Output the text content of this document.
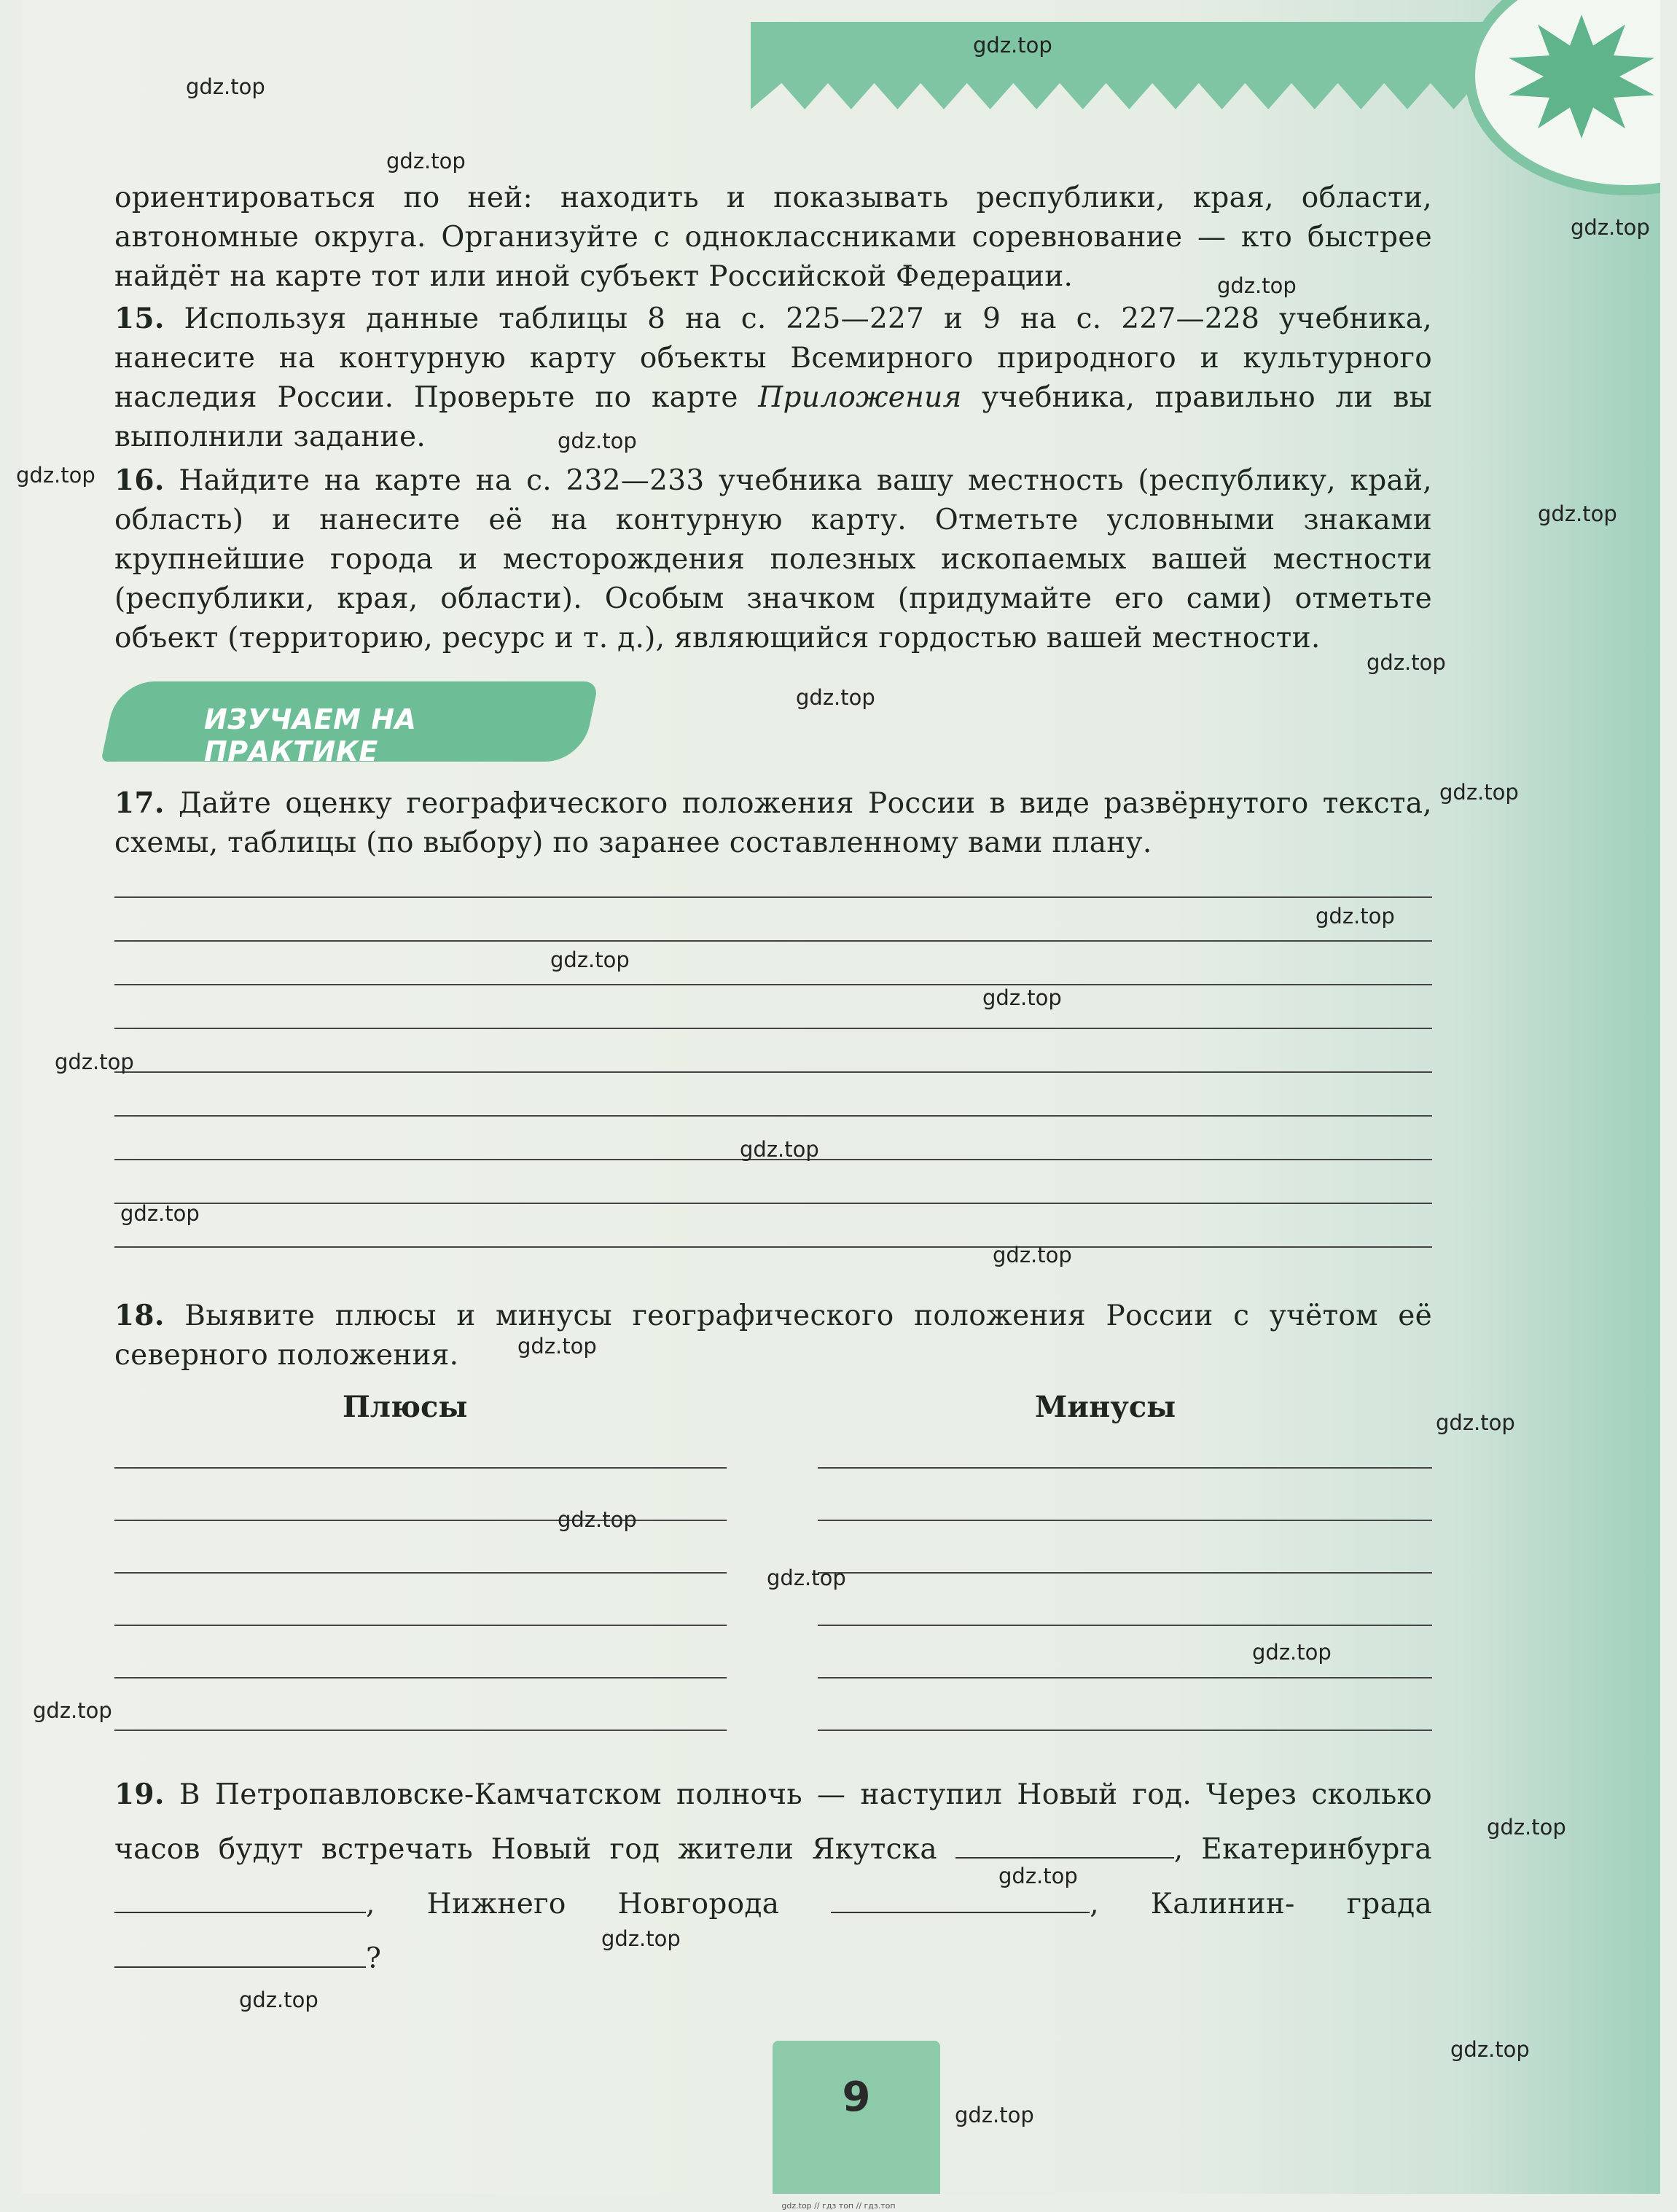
ориентироваться по ней: находить и показывать республики, края, области, автономные округа. Организуйте с одноклассниками соревнование — кто быстрее найдёт на карте тот или иной субъект Российской Федерации.
15. Используя данные таблицы 8 на с. 225—227 и 9 на с. 227—228 учебника, нанесите на контурную карту объекты Всемирного природного и культурного наследия России. Проверьте по карте Приложения учебника, правильно ли вы выполнили задание.
16. Найдите на карте на с. 232—233 учебника вашу местность (республику, край, область) и нанесите её на контурную карту. Отметьте условными знаками крупнейшие города и месторождения полезных ископаемых вашей местности (республики, края, области). Особым значком (придумайте его сами) отметьте объект (территорию, ресурс и т. д.), являющийся гордостью вашей местности.
ИЗУЧАЕМ НА ПРАКТИКЕ
17. Дайте оценку географического положения России в виде развёрнутого текста, схемы, таблицы (по выбору) по заранее составленному вами плану.
18. Выявите плюсы и минусы географического положения России с учётом её северного положения.
Плюсы	Минусы
19. В Петропавловске-Камчатском полночь — наступил Новый год. Через сколько часов будут встречать Новый год жители Якутска	, Екатеринбурга , Нижнего Новгорода	, Калинин- града ?
9
gdz.top
gdz.top
gdz.top
gdz.top
gdz.top
gdz.top
gdz.top
gdz.top
gdz.top
gdz.top
gdz.top
gdz.top
gdz.top
gdz.top
gdz.top
gdz.top
gdz.top
gdz.top
gdz.top
gdz.top
gdz.top
gdz.top
gdz.top
gdz.top
gdz.top
gdz.top
gdz.top
gdz.top
gdz.top
gdz.top
gdz.top // гдз топ // гдз.топ
